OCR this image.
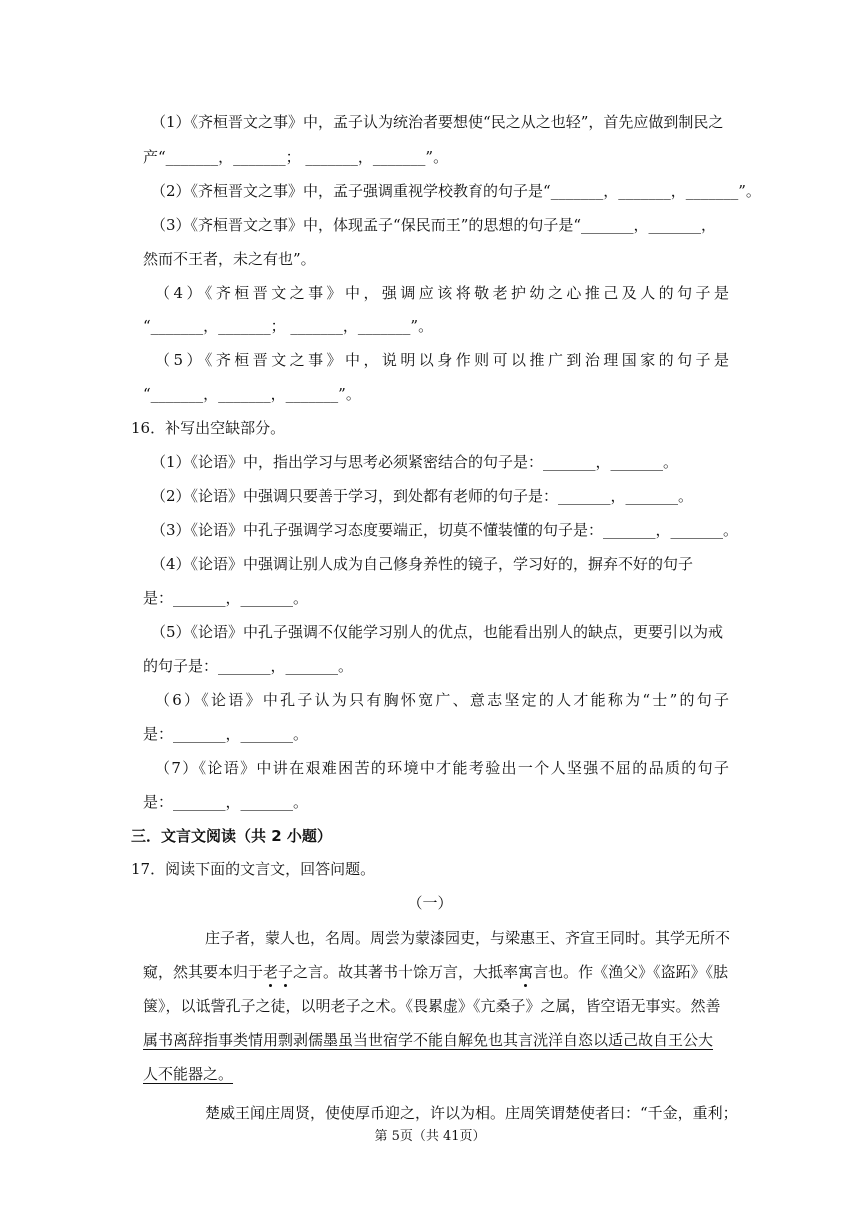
（1）《齐桓晋文之事》中，孟子认为统治者要想使“民之从之也轻”，首先应做到制民之
产“_______，_______； _______，_______”。
（2）《齐桓晋文之事》中，孟子强调重视学校教育的句子是“_______，_______，_______”。
（3）《齐桓晋文之事》中，体现孟子“保民而王”的思想的句子是“_______，_______，
然而不王者，未之有也”。
（4）《齐桓晋文之事》中，强调应该将敬老护幼之心推己及人的句子是
“_______，_______； _______，_______”。
（5）《齐桓晋文之事》中，说明以身作则可以推广到治理国家的句子是
“_______，_______，_______”。
16．补写出空缺部分。
（1）《论语》中，指出学习与思考必须紧密结合的句子是：_______，_______。
（2）《论语》中强调只要善于学习，到处都有老师的句子是：_______，_______。
（3）《论语》中孔子强调学习态度要端正，切莫不懂装懂的句子是：_______，_______。
（4）《论语》中强调让别人成为自己修身养性的镜子，学习好的，摒弃不好的句子
是：_______，_______。
（5）《论语》中孔子强调不仅能学习别人的优点，也能看出别人的缺点，更要引以为戒
的句子是：_______，_______。
（6）《论语》中孔子认为只有胸怀宽广、意志坚定的人才能称为“士”的句子
是：_______，_______。
（7）《论语》中讲在艰难困苦的环境中才能考验出一个人坚强不屈的品质的句子
是：_______，_______。
三．文言文阅读（共 2 小题）
17．阅读下面的文言文，回答问题。
（一）
庄子者，蒙人也，名周。周尝为蒙漆园吏，与梁惠王、齐宣王同时。其学无所不
窥，然其要本归于老子之言。故其著书十馀万言，大抵率寓言也。作《渔父》《盗跖》《胠
箧》，以诋訾孔子之徒，以明老子之术。《畏累虚》《亢桑子》之属，皆空语无事实。然善
属书离辞指事类情用剽剥儒墨虽当世宿学不能自解免也其言洸洋自恣以适己故自王公大
人不能器之。
楚威王闻庄周贤，使使厚币迎之，许以为相。庄周笑谓楚使者曰：“千金，重利；
第 5页（共 41页）
